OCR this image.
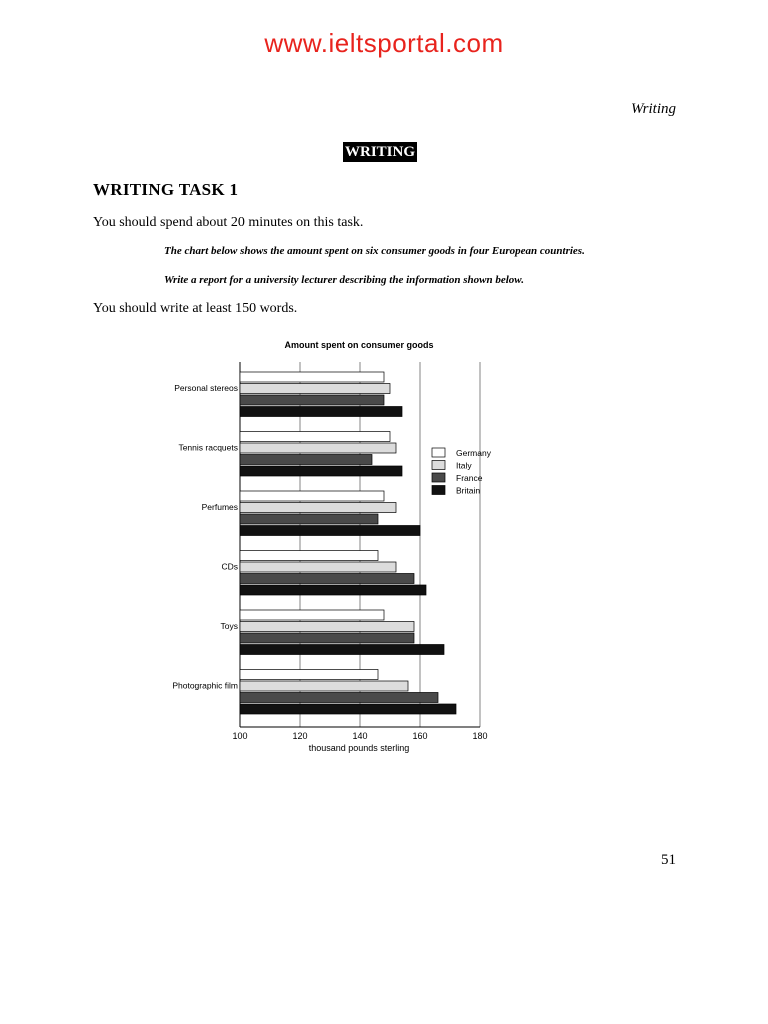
www.ieltsportal.com
Writing
WRITING
WRITING TASK 1
You should spend about 20 minutes on this task.
The chart below shows the amount spent on six consumer goods in four European countries.
Write a report for a university lecturer describing the information shown below.
You should write at least 150 words.
Amount spent on consumer goods
Personal stereos
Tennis racquets
Perfumes
CDs
Toys
Photographic film
100	120	140	160	180
Germany
Italy
France
Britain
thousand pounds sterling
51
